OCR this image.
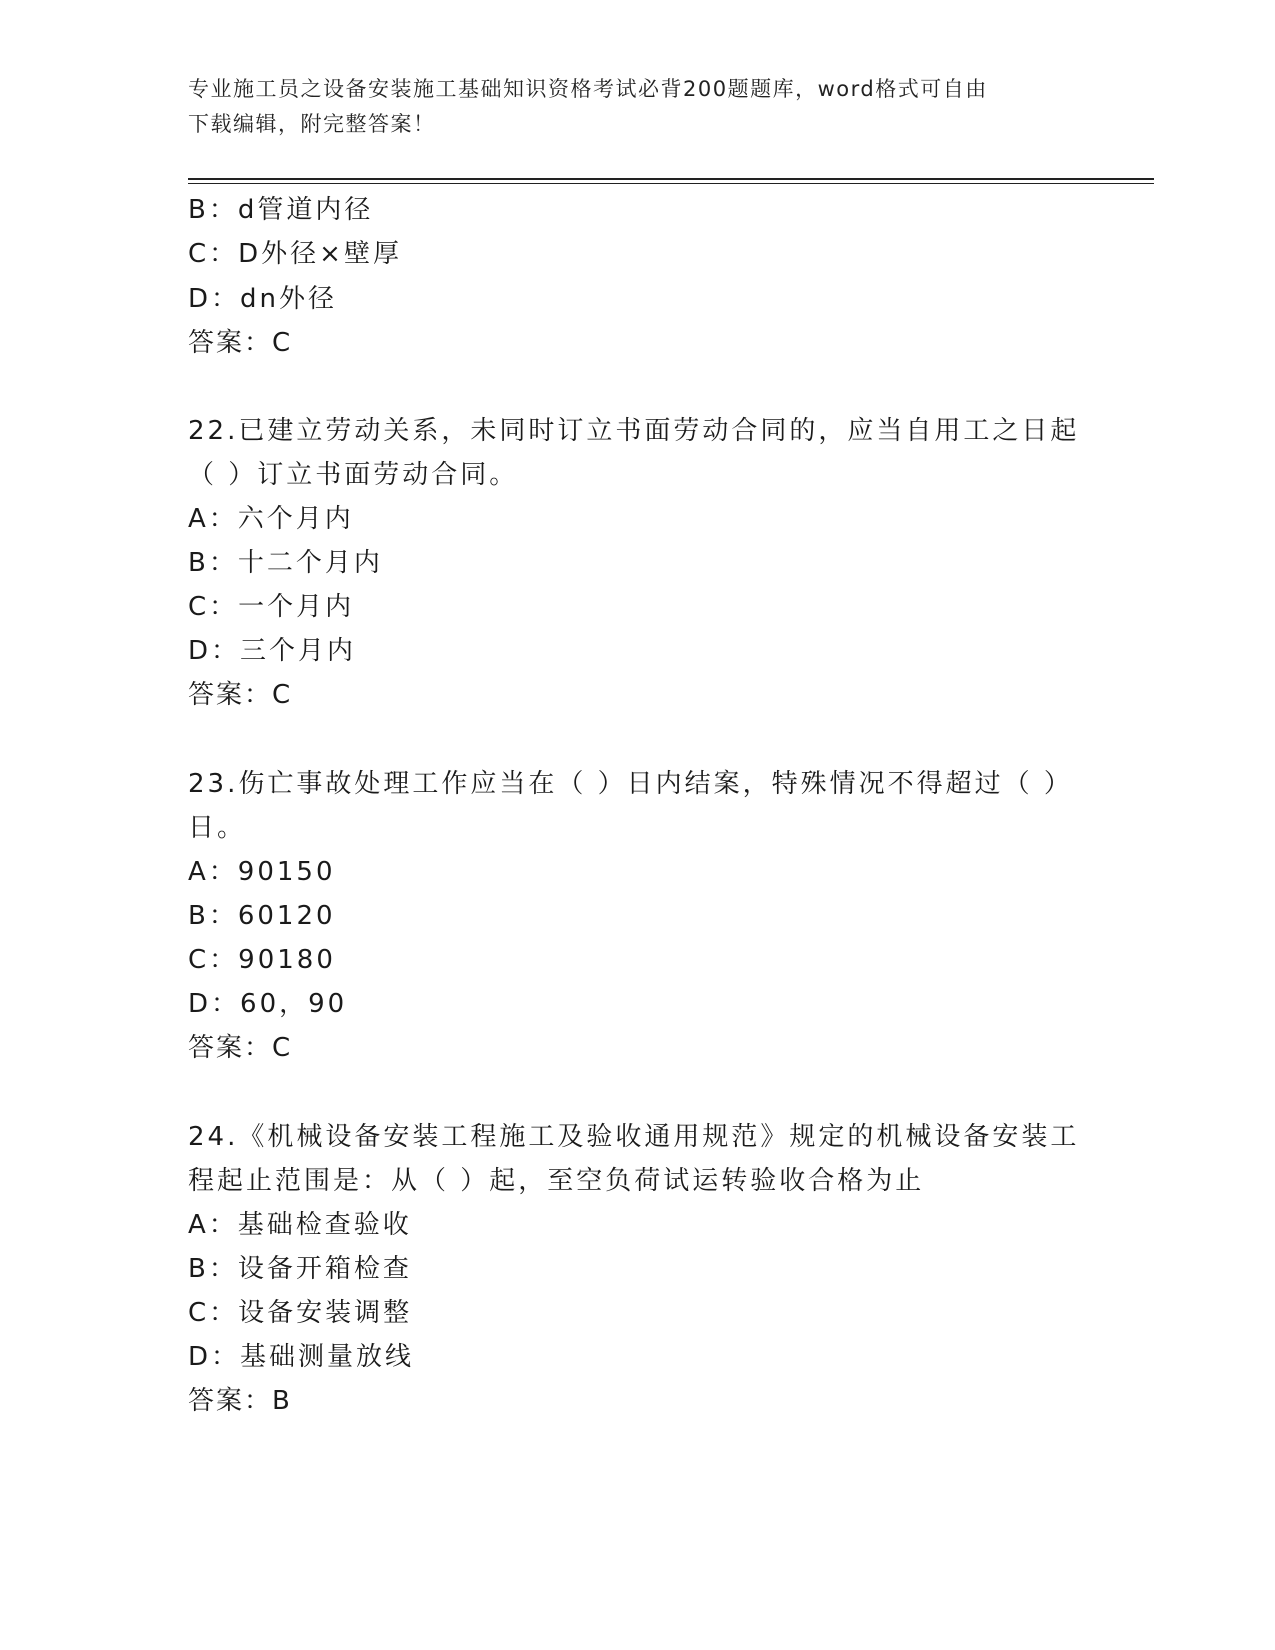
专业施工员之设备安装施工基础知识资格考试必背200题题库，word格式可自由
下载编辑，附完整答案！
B：d管道内径
C：D外径×壁厚
D：dn外径
答案：C
22.已建立劳动关系，未同时订立书面劳动合同的，应当自用工之日起
（ ）订立书面劳动合同。
A：六个月内
B：十二个月内
C：一个月内
D：三个月内
答案：C
23.伤亡事故处理工作应当在（ ）日内结案，特殊情况不得超过（ ）
日。
A：90150
B：60120
C：90180
D：60，90
答案：C
24.《机械设备安装工程施工及验收通用规范》规定的机械设备安装工
程起止范围是：从（ ）起，至空负荷试运转验收合格为止
A：基础检查验收
B：设备开箱检查
C：设备安装调整
D：基础测量放线
答案：B
